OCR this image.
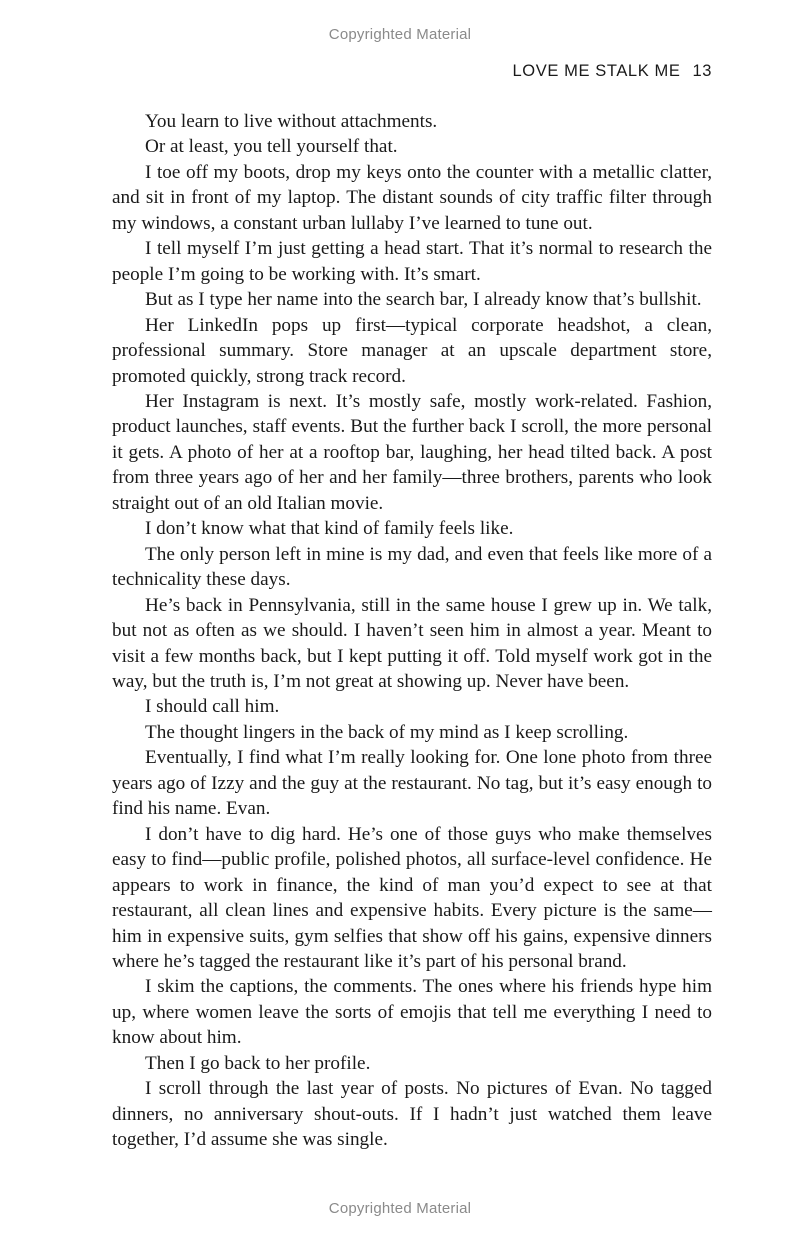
Copyrighted Material
LOVE ME STALK ME 13

You learn to live without attachments.

Or at least, you tell yourself that.

I toe off my boots, drop my keys onto the counter with a metallic clatter, and sit in front of my laptop. The distant sounds of city traffic filter through my windows, a constant urban lullaby I’ve learned to tune out.

I tell myself I’m just getting a head start. That it’s normal to research the people I’m going to be working with. It’s smart.

But as I type her name into the search bar, I already know that’s bullshit.

Her LinkedIn pops up first—typical corporate headshot, a clean, professional summary. Store manager at an upscale department store, promoted quickly, strong track record.

Her Instagram is next. It’s mostly safe, mostly work-related. Fashion, product launches, staff events. But the further back I scroll, the more personal it gets. A photo of her at a rooftop bar, laughing, her head tilted back. A post from three years ago of her and her family—three brothers, parents who look straight out of an old Italian movie.

I don’t know what that kind of family feels like.

The only person left in mine is my dad, and even that feels like more of a technicality these days.

He’s back in Pennsylvania, still in the same house I grew up in. We talk, but not as often as we should. I haven’t seen him in almost a year. Meant to visit a few months back, but I kept putting it off. Told myself work got in the way, but the truth is, I’m not great at showing up. Never have been.

I should call him.

The thought lingers in the back of my mind as I keep scrolling.

Eventually, I find what I’m really looking for. One lone photo from three years ago of Izzy and the guy at the restaurant. No tag, but it’s easy enough to find his name. Evan.

I don’t have to dig hard. He’s one of those guys who make themselves easy to find—public profile, polished photos, all surface-level confidence. He appears to work in finance, the kind of man you’d expect to see at that restaurant, all clean lines and expensive habits. Every picture is the same—him in expensive suits, gym selfies that show off his gains, expensive dinners where he’s tagged the restaurant like it’s part of his personal brand.

I skim the captions, the comments. The ones where his friends hype him up, where women leave the sorts of emojis that tell me everything I need to know about him.

Then I go back to her profile.

I scroll through the last year of posts. No pictures of Evan. No tagged dinners, no anniversary shout-outs. If I hadn’t just watched them leave together, I’d assume she was single.

Copyrighted Material
